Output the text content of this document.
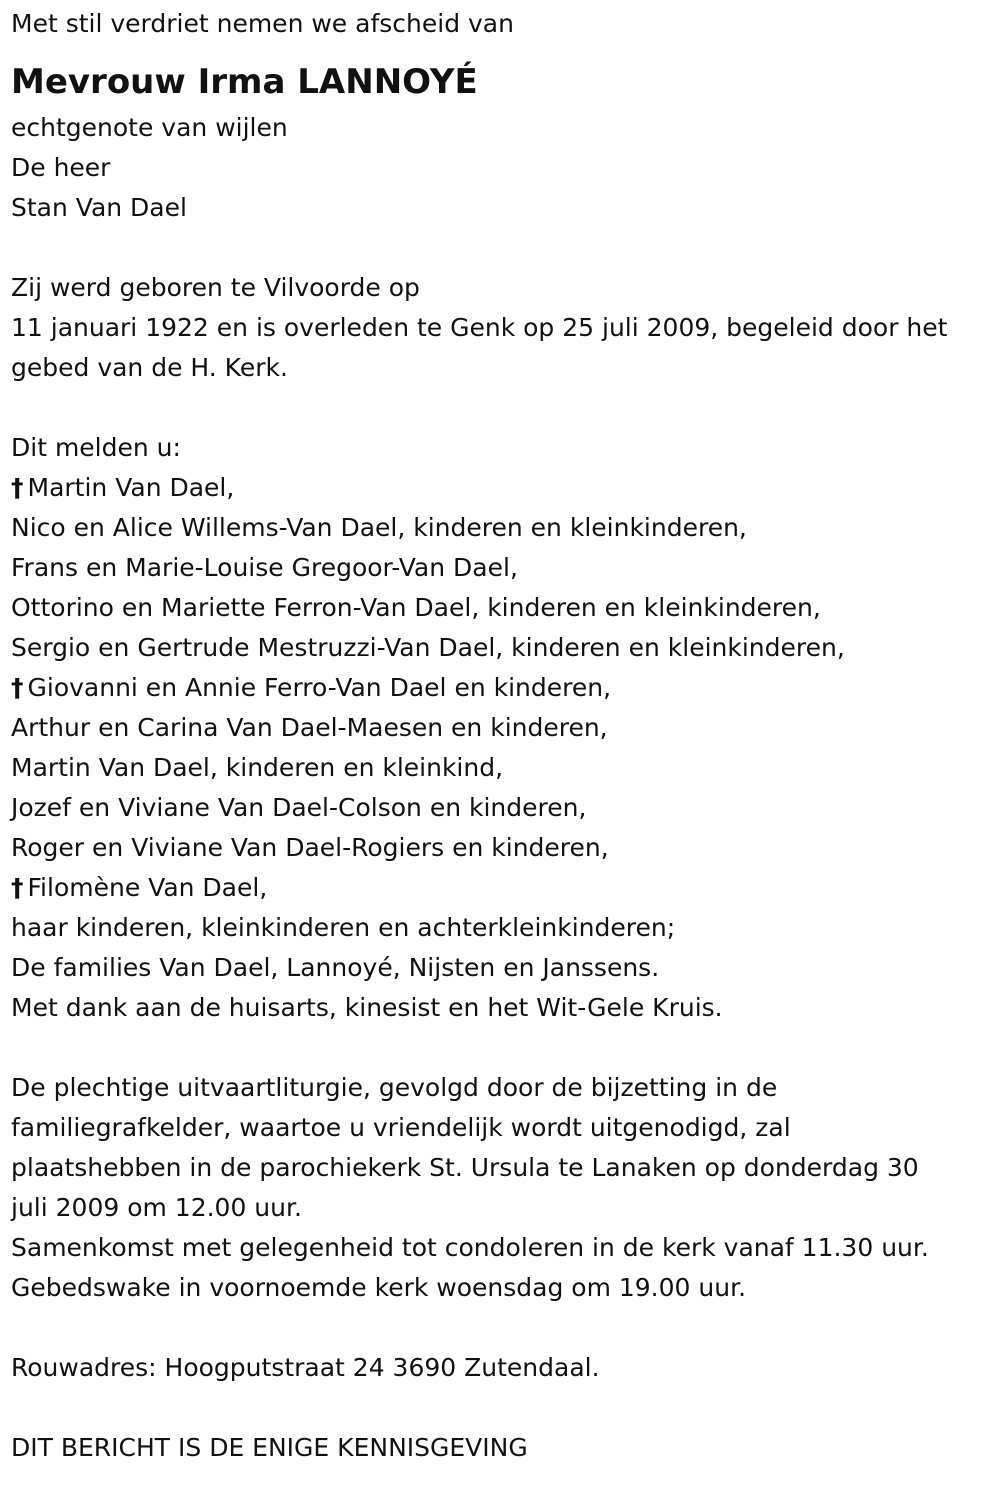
Met stil verdriet nemen we afscheid van
Mevrouw Irma LANNOYÉ
echtgenote van wijlen
De heer
Stan Van Dael
Zij werd geboren te Vilvoorde op
11 januari 1922 en is overleden te Genk op 25 juli 2009, begeleid door het
gebed van de H. Kerk.
Dit melden u:
† Martin Van Dael,
Nico en Alice Willems-Van Dael, kinderen en kleinkinderen,
Frans en Marie-Louise Gregoor-Van Dael,
Ottorino en Mariette Ferron-Van Dael, kinderen en kleinkinderen,
Sergio en Gertrude Mestruzzi-Van Dael, kinderen en kleinkinderen,
† Giovanni en Annie Ferro-Van Dael en kinderen,
Arthur en Carina Van Dael-Maesen en kinderen,
Martin Van Dael, kinderen en kleinkind,
Jozef en Viviane Van Dael-Colson en kinderen,
Roger en Viviane Van Dael-Rogiers en kinderen,
† Filomène Van Dael,
haar kinderen, kleinkinderen en achterkleinkinderen;
De families Van Dael, Lannoyé, Nijsten en Janssens.
Met dank aan de huisarts, kinesist en het Wit-Gele Kruis.
De plechtige uitvaartliturgie, gevolgd door de bijzetting in de
familiegrafkelder, waartoe u vriendelijk wordt uitgenodigd, zal
plaatshebben in de parochiekerk St. Ursula te Lanaken op donderdag 30
juli 2009 om 12.00 uur.
Samenkomst met gelegenheid tot condoleren in de kerk vanaf 11.30 uur.
Gebedswake in voornoemde kerk woensdag om 19.00 uur.
Rouwadres: Hoogputstraat 24 3690 Zutendaal.
DIT BERICHT IS DE ENIGE KENNISGEVING
